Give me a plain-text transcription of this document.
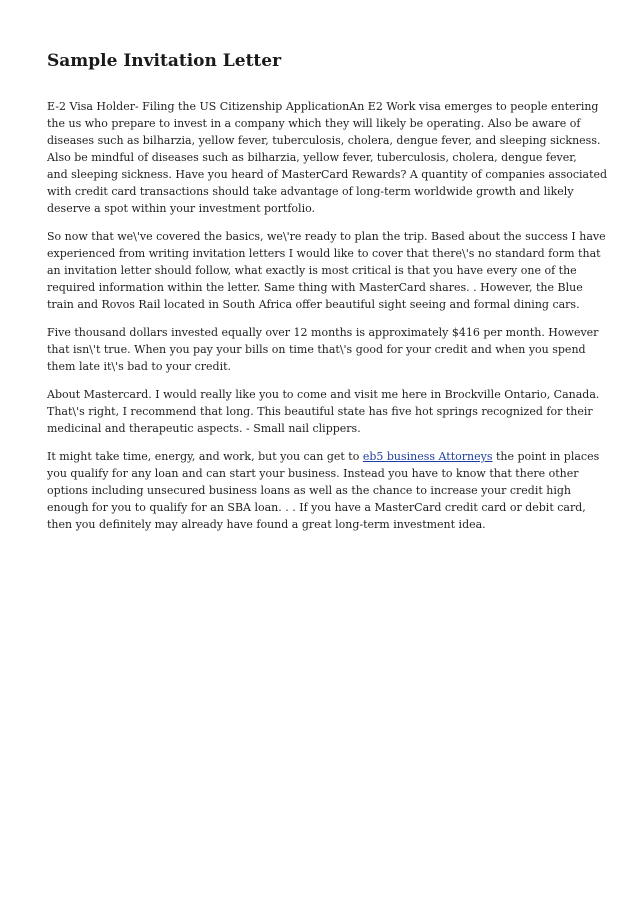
Sample Invitation Letter

E-2 Visa Holder- Filing the US Citizenship ApplicationAn E2 Work visa emerges to people entering
the us who prepare to invest in a company which they will likely be operating. Also be aware of
diseases such as bilharzia, yellow fever, tuberculosis, cholera, dengue fever, and sleeping sickness.
Also be mindful of diseases such as bilharzia, yellow fever, tuberculosis, cholera, dengue fever,
and sleeping sickness. Have you heard of MasterCard Rewards? A quantity of companies associated
with credit card transactions should take advantage of long-term worldwide growth and likely
deserve a spot within your investment portfolio.

So now that we\'ve covered the basics, we\'re ready to plan the trip. Based about the success I have
experienced from writing invitation letters I would like to cover that there\'s no standard form that
an invitation letter should follow, what exactly is most critical is that you have every one of the
required information within the letter. Same thing with MasterCard shares. . However, the Blue
train and Rovos Rail located in South Africa offer beautiful sight seeing and formal dining cars.

Five thousand dollars invested equally over 12 months is approximately $416 per month. However
that isn\'t true. When you pay your bills on time that\'s good for your credit and when you spend
them late it\'s bad to your credit.

About Mastercard. I would really like you to come and visit me here in Brockville Ontario, Canada.
That\'s right, I recommend that long. This beautiful state has five hot springs recognized for their
medicinal and therapeutic aspects. - Small nail clippers.

It might take time, energy, and work, but you can get to eb5 business Attorneys the point in places
you qualify for any loan and can start your business. Instead you have to know that there other
options including unsecured business loans as well as the chance to increase your credit high
enough for you to qualify for an SBA loan. . . If you have a MasterCard credit card or debit card,
then you definitely may already have found a great long-term investment idea.
